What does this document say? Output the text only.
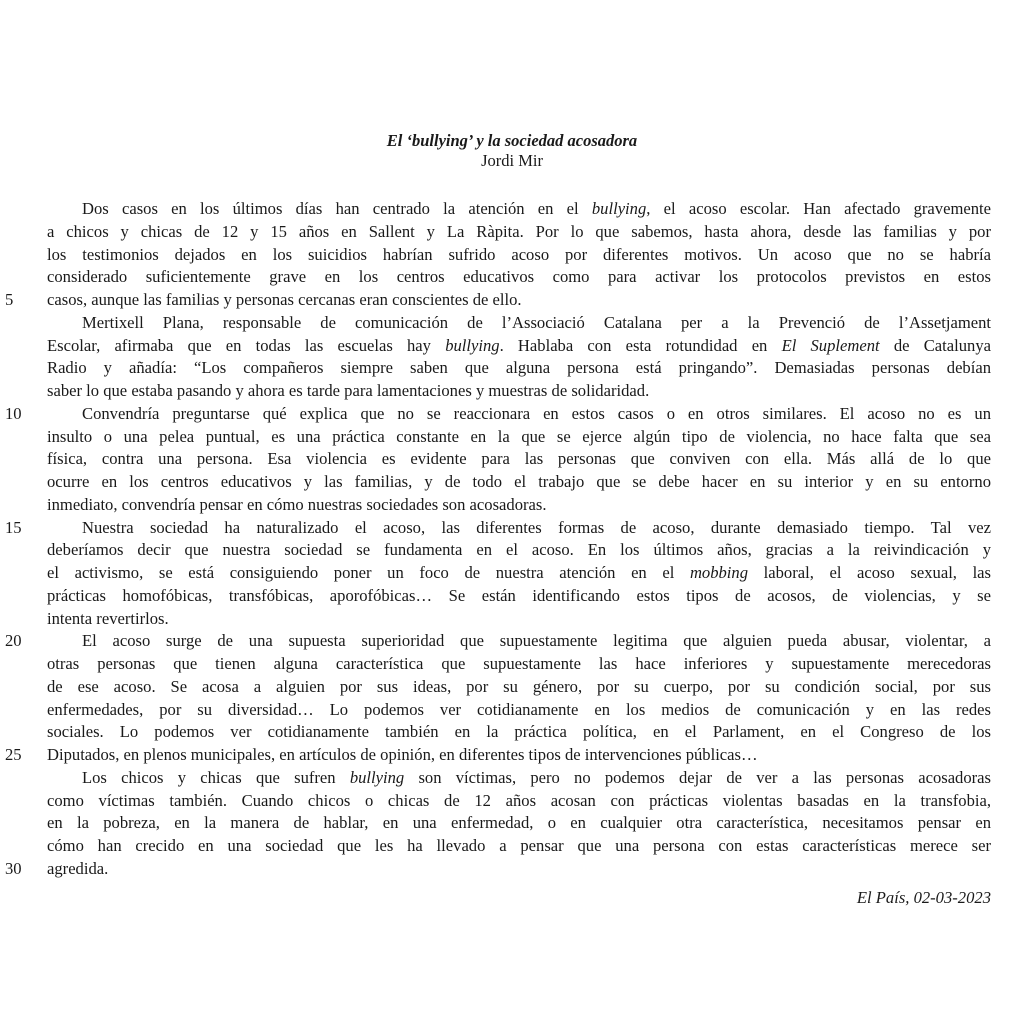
El ‘bullying’ y la sociedad acosadora
Jordi Mir
Dos casos en los últimos días han centrado la atención en el bullying, el acoso escolar. Han afectado gravemente
a chicos y chicas de 12 y 15 años en Sallent y La Ràpita. Por lo que sabemos, hasta ahora, desde las familias y por
los testimonios dejados en los suicidios habrían sufrido acoso por diferentes motivos. Un acoso que no se habría
considerado suficientemente grave en los centros educativos como para activar los protocolos previstos en estos
5	casos, aunque las familias y personas cercanas eran conscientes de ello.
Mertixell Plana, responsable de comunicación de l’Associació Catalana per a la Prevenció de l’Assetjament
Escolar, afirmaba que en todas las escuelas hay bullying. Hablaba con esta rotundidad en El Suplement de Catalunya
Radio y añadía: “Los compañeros siempre saben que alguna persona está pringando”. Demasiadas personas debían
saber lo que estaba pasando y ahora es tarde para lamentaciones y muestras de solidaridad.
10	Convendría preguntarse qué explica que no se reaccionara en estos casos o en otros similares. El acoso no es un
insulto o una pelea puntual, es una práctica constante en la que se ejerce algún tipo de violencia, no hace falta que sea
física, contra una persona. Esa violencia es evidente para las personas que conviven con ella. Más allá de lo que
ocurre en los centros educativos y las familias, y de todo el trabajo que se debe hacer en su interior y en su entorno
inmediato, convendría pensar en cómo nuestras sociedades son acosadoras.
15	Nuestra sociedad ha naturalizado el acoso, las diferentes formas de acoso, durante demasiado tiempo. Tal vez
deberíamos decir que nuestra sociedad se fundamenta en el acoso. En los últimos años, gracias a la reivindicación y
el activismo, se está consiguiendo poner un foco de nuestra atención en el mobbing laboral, el acoso sexual, las
prácticas homofóbicas, transfóbicas, aporofóbicas… Se están identificando estos tipos de acosos, de violencias, y se
intenta revertirlos.
20	El acoso surge de una supuesta superioridad que supuestamente legitima que alguien pueda abusar, violentar, a
otras personas que tienen alguna característica que supuestamente las hace inferiores y supuestamente merecedoras
de ese acoso. Se acosa a alguien por sus ideas, por su género, por su cuerpo, por su condición social, por sus
enfermedades, por su diversidad… Lo podemos ver cotidianamente en los medios de comunicación y en las redes
sociales. Lo podemos ver cotidianamente también en la práctica política, en el Parlament, en el Congreso de los
25	Diputados, en plenos municipales, en artículos de opinión, en diferentes tipos de intervenciones públicas…
Los chicos y chicas que sufren bullying son víctimas, pero no podemos dejar de ver a las personas acosadoras
como víctimas también. Cuando chicos o chicas de 12 años acosan con prácticas violentas basadas en la transfobia,
en la pobreza, en la manera de hablar, en una enfermedad, o en cualquier otra característica, necesitamos pensar en
cómo han crecido en una sociedad que les ha llevado a pensar que una persona con estas características merece ser
30	agredida.
El País, 02-03-2023
